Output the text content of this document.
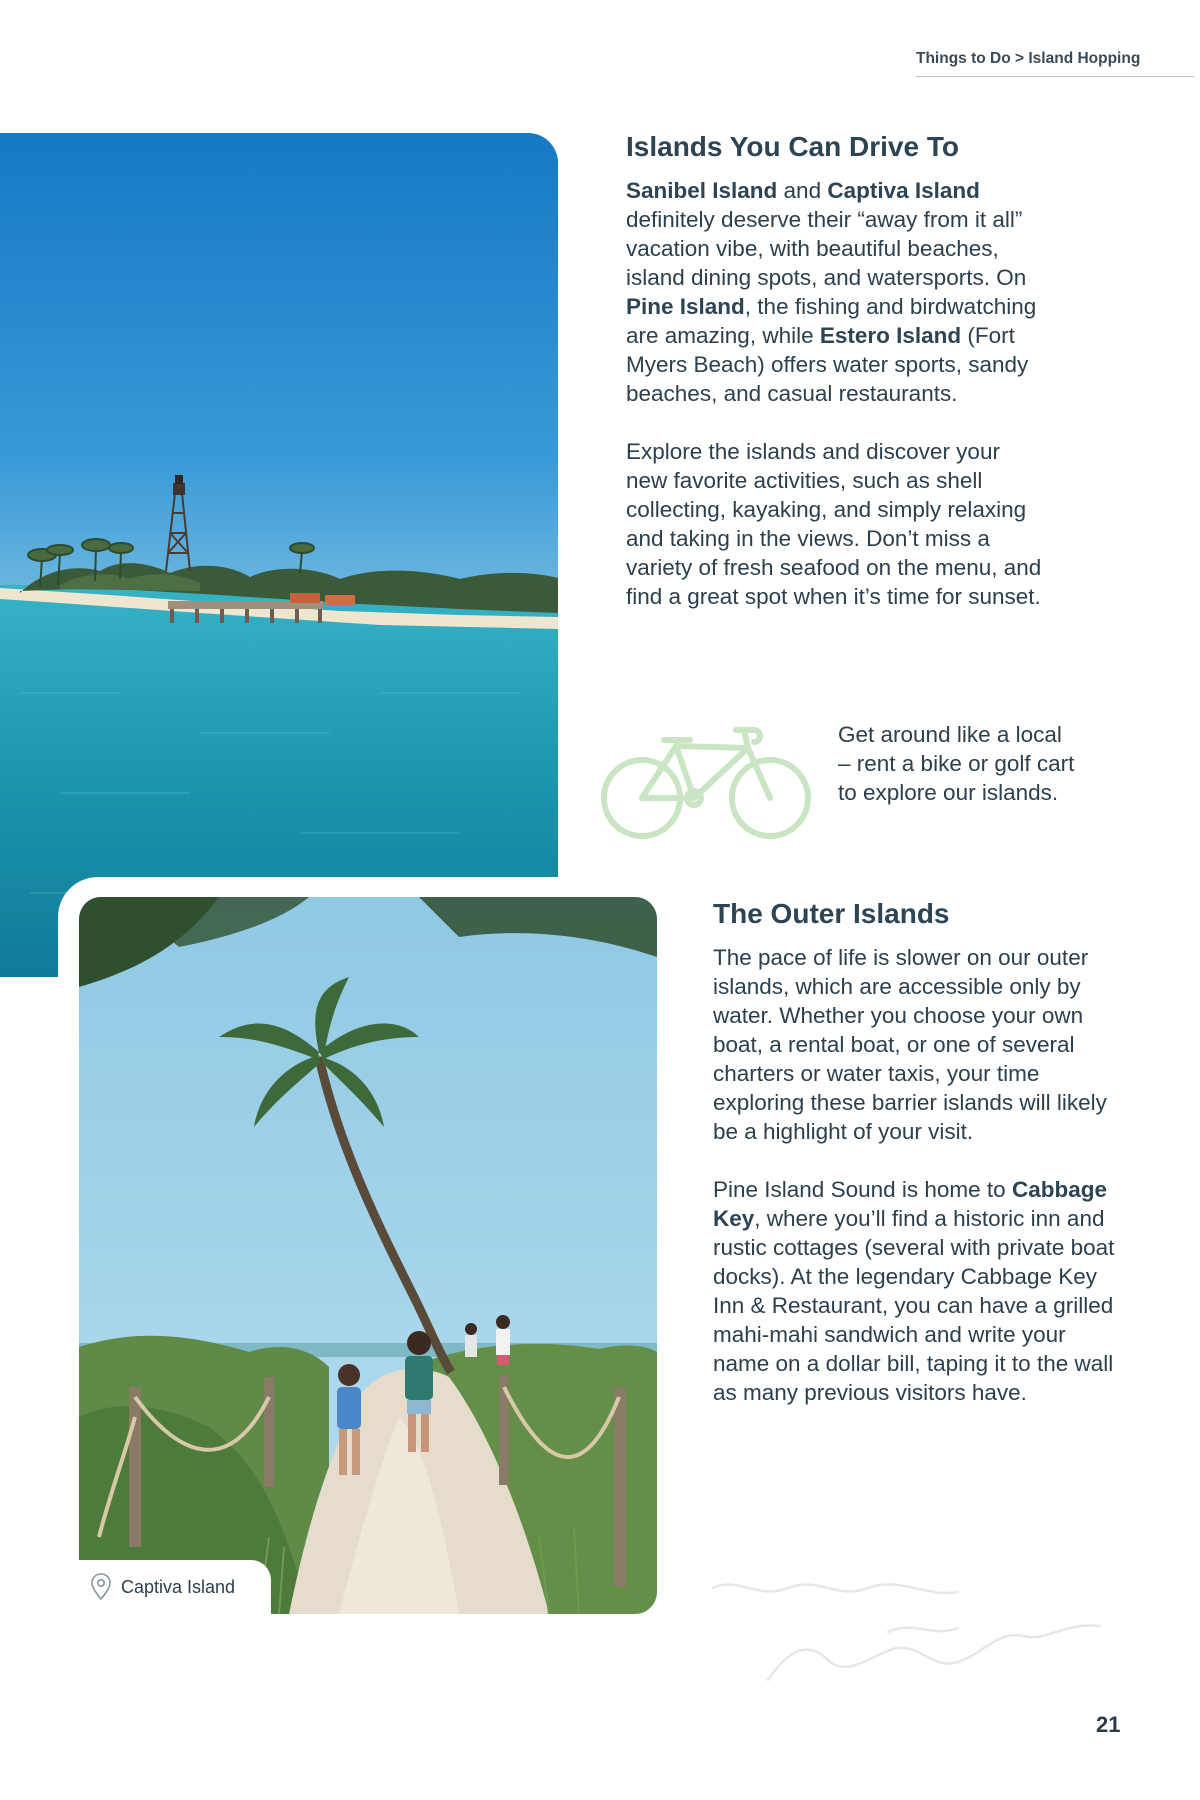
Things to Do > Island Hopping
Captiva Island
Islands You Can Drive To

Sanibel Island and Captiva Island definitely deserve their “away from it all” vacation vibe, with beautiful beaches, island dining spots, and watersports. On Pine Island, the fishing and birdwatching are amazing, while Estero Island (Fort Myers Beach) offers water sports, sandy beaches, and casual restaurants.

Explore the islands and discover your new favorite activities, such as shell collecting, kayaking, and simply relaxing and taking in the views. Don’t miss a variety of fresh seafood on the menu, and find a great spot when it’s time for sunset.

Get around like a local – rent a bike or golf cart to explore our islands.
The Outer Islands

The pace of life is slower on our outer islands, which are accessible only by water. Whether you choose your own boat, a rental boat, or one of several charters or water taxis, your time exploring these barrier islands will likely be a highlight of your visit.

Pine Island Sound is home to Cabbage Key, where you’ll find a historic inn and rustic cottages (several with private boat docks). At the legendary Cabbage Key Inn & Restaurant, you can have a grilled mahi-mahi sandwich and write your name on a dollar bill, taping it to the wall as many previous visitors have.

21
